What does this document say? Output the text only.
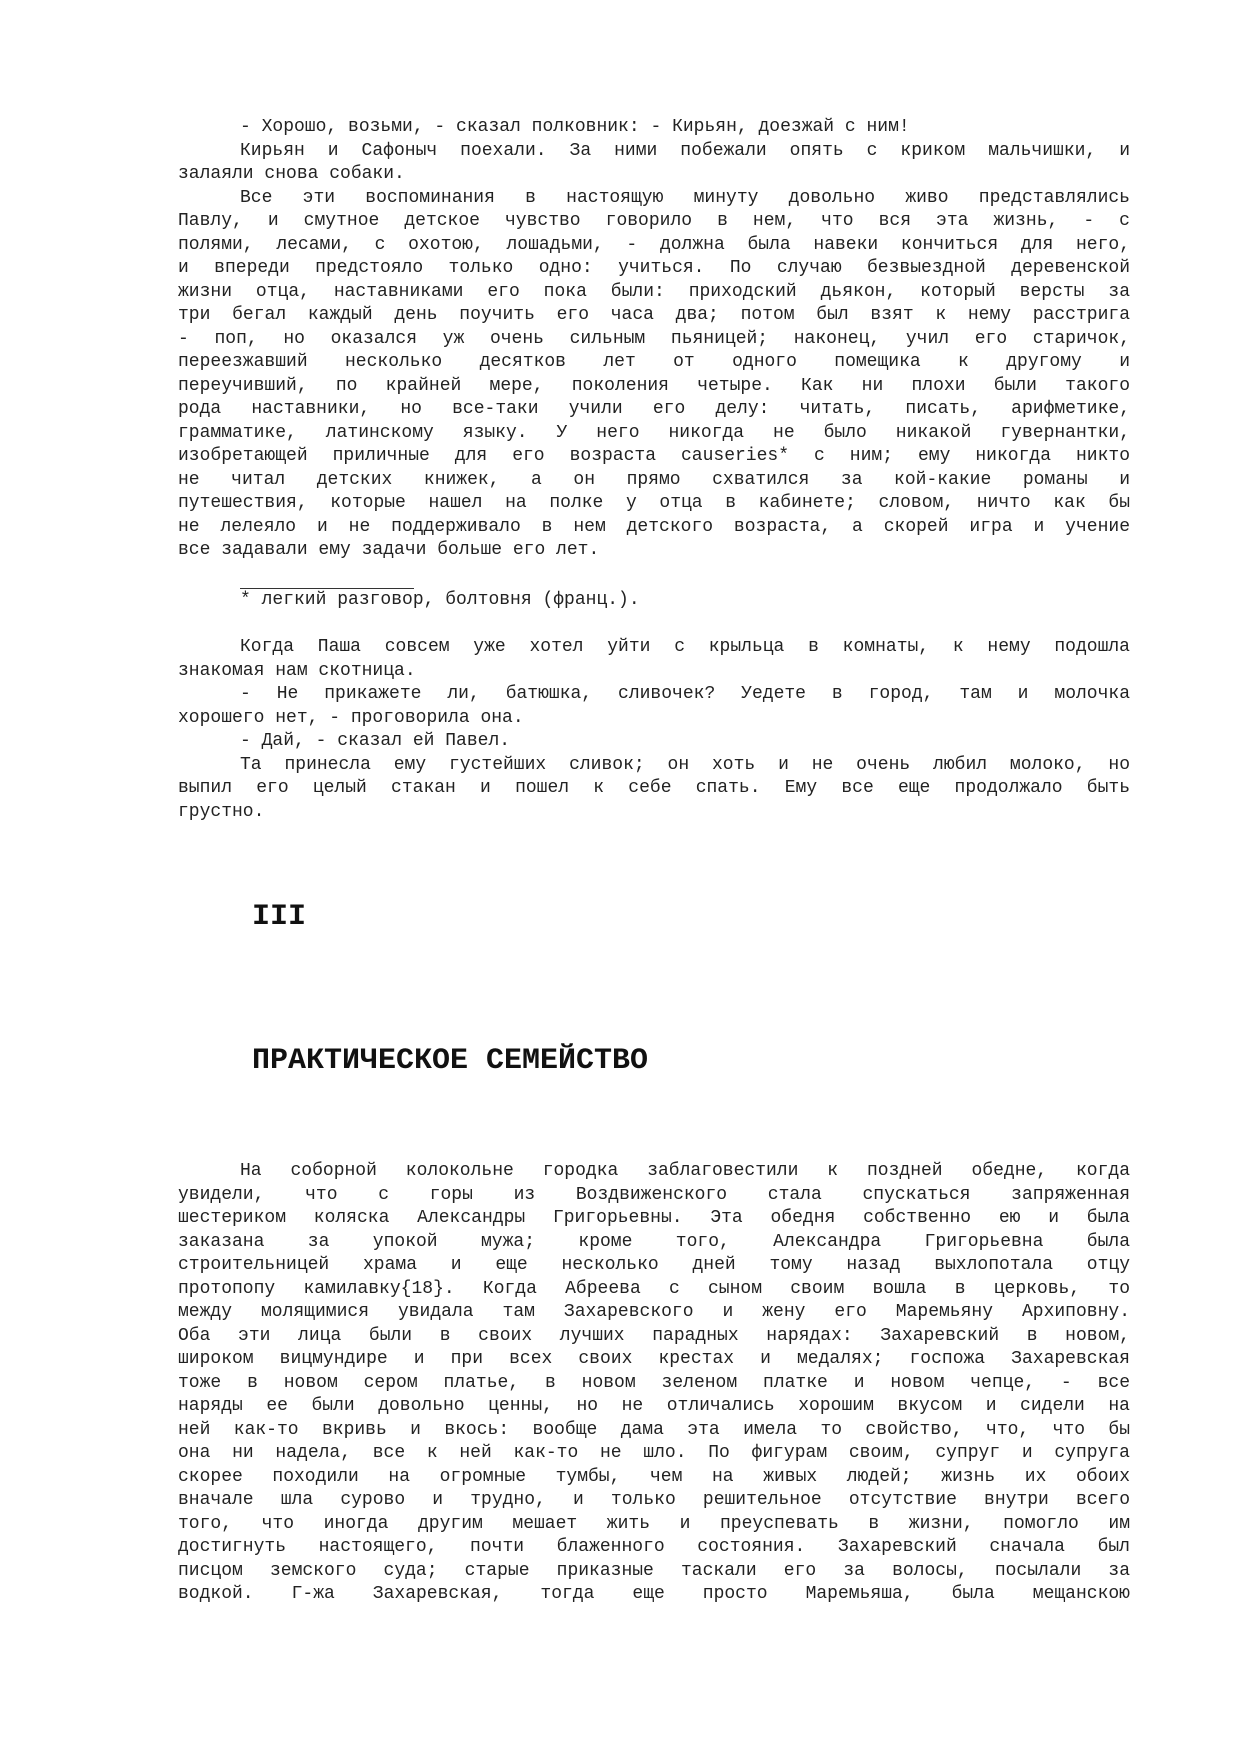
- Хорошо, возьми, - сказал полковник: - Кирьян, доезжай с ним!
Кирьян и Сафоныч поехали. За ними побежали опять с криком мальчишки, и
залаяли снова собаки.
Все эти воспоминания в настоящую минуту довольно живо представлялись
Павлу, и смутное детское чувство говорило в нем, что вся эта жизнь, - с
полями, лесами, с охотою, лошадьми, - должна была навеки кончиться для него,
и впереди предстояло только одно: учиться. По случаю безвыездной деревенской
жизни отца, наставниками его пока были: приходский дьякон, который версты за
три бегал каждый день поучить его часа два; потом был взят к нему расстрига
- поп, но оказался уж очень сильным пьяницей; наконец, учил его старичок,
переезжавший несколько десятков лет от одного помещика к другому и
переучивший, по крайней мере, поколения четыре. Как ни плохи были такого
рода наставники, но все-таки учили его делу: читать, писать, арифметике,
грамматике, латинскому языку. У него никогда не было никакой гувернантки,
изобретающей приличные для его возраста causeries* с ним; ему никогда никто
не читал детских книжек, а он прямо схватился за кой-какие романы и
путешествия, которые нашел на полке у отца в кабинете; словом, ничто как бы
не лелеяло и не поддерживало в нем детского возраста, а скорей игра и учение
все задавали ему задачи больше его лет.
* легкий разговор, болтовня (франц.).
Когда Паша совсем уже хотел уйти с крыльца в комнаты, к нему подошла
знакомая нам скотница.
- Не прикажете ли, батюшка, сливочек? Уедете в город, там и молочка
хорошего нет, - проговорила она.
- Дай, - сказал ей Павел.
Та принесла ему густейших сливок; он хоть и не очень любил молоко, но
выпил его целый стакан и пошел к себе спать. Ему все еще продолжало быть
грустно.
III
ПРАКТИЧЕСКОЕ СЕМЕЙСТВО
На соборной колокольне городка заблаговестили к поздней обедне, когда
увидели, что с горы из Воздвиженского стала спускаться запряженная
шестериком коляска Александры Григорьевны. Эта обедня собственно ею и была
заказана за упокой мужа; кроме того, Александра Григорьевна была
строительницей храма и еще несколько дней тому назад выхлопотала отцу
протопопу камилавку{18}. Когда Абреева с сыном своим вошла в церковь, то
между молящимися увидала там Захаревского и жену его Маремьяну Архиповну.
Оба эти лица были в своих лучших парадных нарядах: Захаревский в новом,
широком вицмундире и при всех своих крестах и медалях; госпожа Захаревская
тоже в новом сером платье, в новом зеленом платке и новом чепце, - все
наряды ее были довольно ценны, но не отличались хорошим вкусом и сидели на
ней как-то вкривь и вкось: вообще дама эта имела то свойство, что, что бы
она ни надела, все к ней как-то не шло. По фигурам своим, супруг и супруга
скорее походили на огромные тумбы, чем на живых людей; жизнь их обоих
вначале шла сурово и трудно, и только решительное отсутствие внутри всего
того, что иногда другим мешает жить и преуспевать в жизни, помогло им
достигнуть настоящего, почти блаженного состояния. Захаревский сначала был
писцом земского суда; старые приказные таскали его за волосы, посылали за
водкой. Г-жа Захаревская, тогда еще просто Маремьяша, была мещанскою
